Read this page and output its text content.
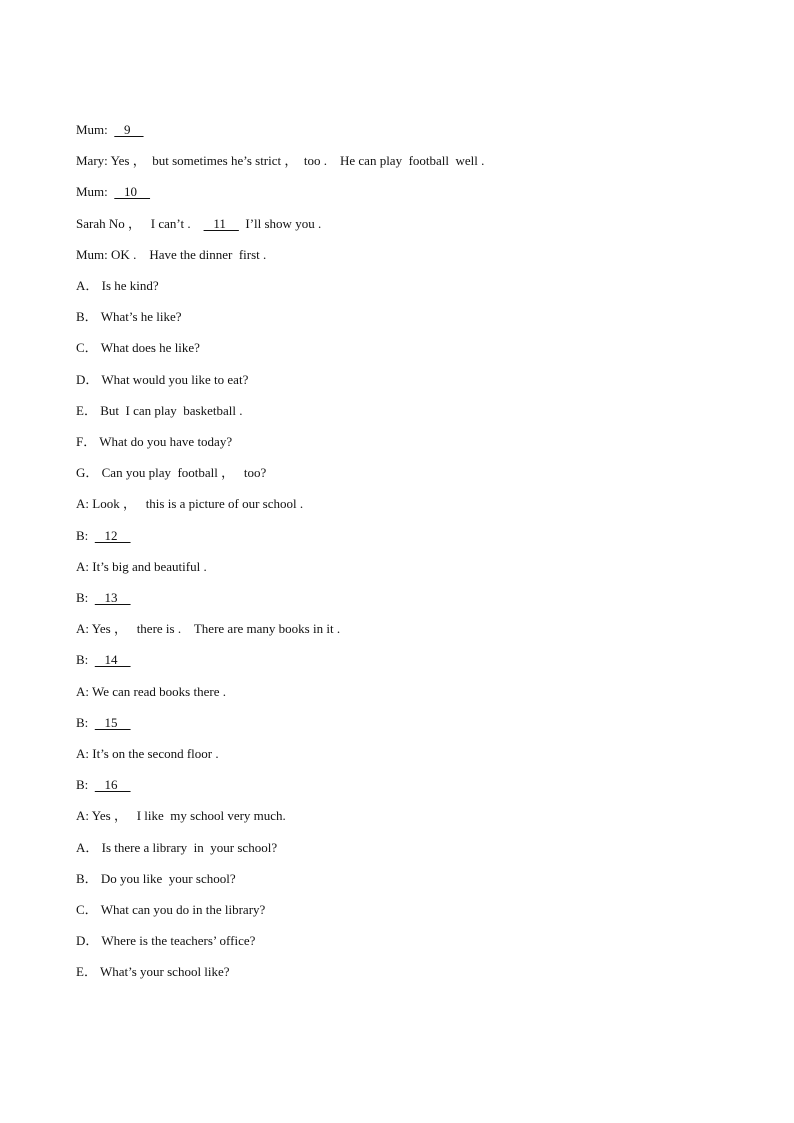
Mum:     9
Mary: Yes ，  but sometimes he’s strict ，  too .    He can play  football  well .
Mum:     10
Sarah No ，   I can’t .       11      I’ll show you .
Mum: OK .    Have the dinner  first .
A． Is he kind?
B． What’s he like?
C． What does he like?
D． What would you like to eat?
E． But  I can play  basketball .
F． What do you have today?
G． Can you play  football ，   too?
A: Look ，   this is a picture of our school .
B:     12
A: It’s big and beautiful .
B:     13
A: Yes ，   there is .    There are many books in it .
B:     14
A: We can read books there .
B:     15
A: It’s on the second floor .
B:     16
A: Yes ，   I like  my school very much.
A． Is there a library  in  your school?
B． Do you like  your school?
C． What can you do in the library?
D． Where is the teachers’ office?
E． What’s your school like?
